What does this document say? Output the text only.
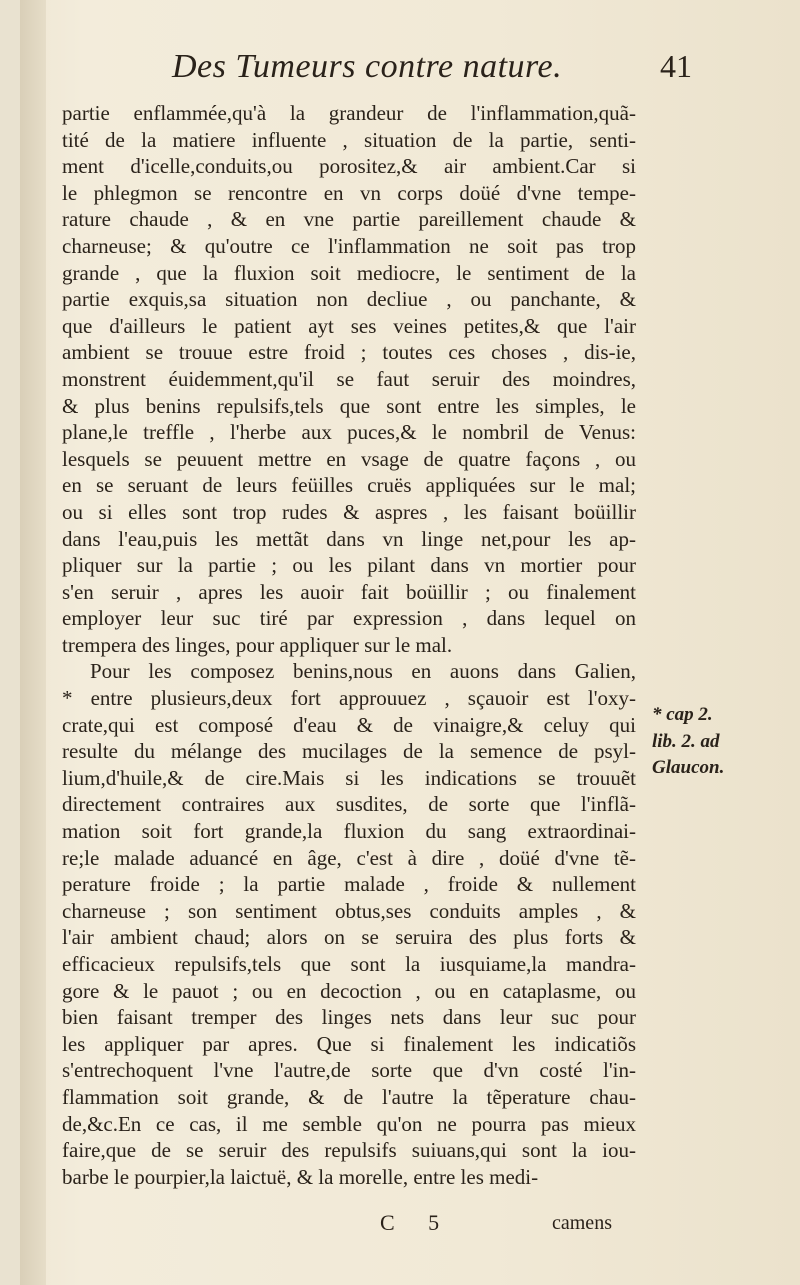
Des Tumeurs contre nature.	41
partie enflammée,qu'à la grandeur de l'inflammation,quã-
tité de la matiere influente , situation de la partie, senti-
ment d'icelle,conduits,ou porositez,& air ambient.Car si
le phlegmon se rencontre en vn corps doüé d'vne tempe-
rature chaude , & en vne partie pareillement chaude &
charneuse; & qu'outre ce l'inflammation ne soit pas trop
grande , que la fluxion soit mediocre, le sentiment de la
partie exquis,sa situation non decliue , ou panchante, &
que d'ailleurs le patient ayt ses veines petites,& que l'air
ambient se trouue estre froid ; toutes ces choses , dis-ie,
monstrent éuidemment,qu'il se faut seruir des moindres,
& plus benins repulsifs,tels que sont entre les simples, le
plane,le treffle , l'herbe aux puces,& le nombril de Venus:
lesquels se peuuent mettre en vsage de quatre façons , ou
en se seruant de leurs feüilles cruës appliquées sur le mal;
ou si elles sont trop rudes & aspres , les faisant boüillir
dans l'eau,puis les mettãt dans vn linge net,pour les ap-
pliquer sur la partie ; ou les pilant dans vn mortier pour
s'en seruir , apres les auoir fait boüillir ; ou finalement
employer leur suc tiré par expression , dans lequel on
trempera des linges, pour appliquer sur le mal.
Pour les composez benins,nous en auons dans Galien,
* entre plusieurs,deux fort approuuez , sçauoir est l'oxy-
crate,qui est composé d'eau & de vinaigre,& celuy qui
resulte du mélange des mucilages de la semence de psyl-
lium,d'huile,& de cire.Mais si les indications se trouuẽt
directement contraires aux susdites, de sorte que l'inflã-
mation soit fort grande,la fluxion du sang extraordinai-
re;le malade aduancé en âge, c'est à dire , doüé d'vne tẽ-
perature froide ; la partie malade , froide & nullement
charneuse ; son sentiment obtus,ses conduits amples , &
l'air ambient chaud; alors on se seruira des plus forts &
efficacieux repulsifs,tels que sont la iusquiame,la mandra-
gore & le pauot ; ou en decoction , ou en cataplasme, ou
bien faisant tremper des linges nets dans leur suc pour
les appliquer par apres. Que si finalement les indicatiõs
s'entrechoquent l'vne l'autre,de sorte que d'vn costé l'in-
flammation soit grande, & de l'autre la tẽperature chau-
de,&c.En ce cas, il me semble qu'on ne pourra pas mieux
faire,que de se seruir des repulsifs suiuans,qui sont la iou-
barbe le pourpier,la laictuë, & la morelle, entre les medi-
* cap 2.
lib. 2. ad
Glaucon.
C 5	camens
